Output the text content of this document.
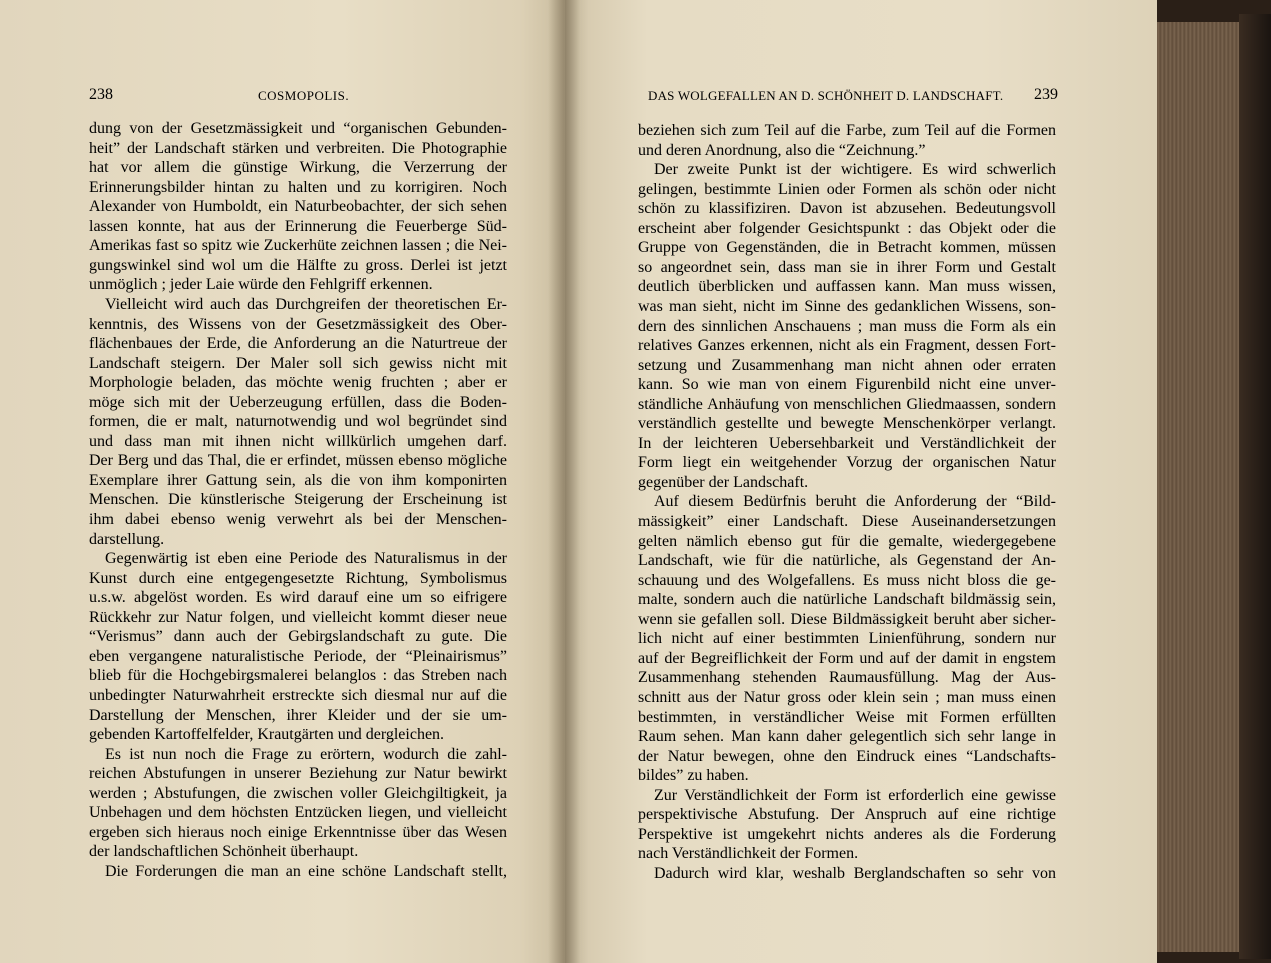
238	COSMOPOLIS.	DAS WOLGEFALLEN AN D. SCHÖNHEIT D. LANDSCHAFT. 239
dung von der Gesetzmässigkeit und “organischen Gebunden-
heit” der Landschaft stärken und verbreiten. Die Photographie
hat vor allem die günstige Wirkung, die Verzerrung der
Erinnerungsbilder hintan zu halten und zu korrigiren. Noch
Alexander von Humboldt, ein Naturbeobachter, der sich sehen
lassen konnte, hat aus der Erinnerung die Feuerberge Süd-
Amerikas fast so spitz wie Zuckerhüte zeichnen lassen ; die Nei-
gungswinkel sind wol um die Hälfte zu gross. Derlei ist jetzt
unmöglich ; jeder Laie würde den Fehlgriff erkennen.
Vielleicht wird auch das Durchgreifen der theoretischen Er-
kenntnis, des Wissens von der Gesetzmässigkeit des Ober-
flächenbaues der Erde, die Anforderung an die Naturtreue der
Landschaft steigern. Der Maler soll sich gewiss nicht mit
Morphologie beladen, das möchte wenig fruchten ; aber er
möge sich mit der Ueberzeugung erfüllen, dass die Boden-
formen, die er malt, naturnotwendig und wol begründet sind
und dass man mit ihnen nicht willkürlich umgehen darf.
Der Berg und das Thal, die er erfindet, müssen ebenso mögliche
Exemplare ihrer Gattung sein, als die von ihm komponirten
Menschen. Die künstlerische Steigerung der Erscheinung ist
ihm dabei ebenso wenig verwehrt als bei der Menschen-
darstellung.
Gegenwärtig ist eben eine Periode des Naturalismus in der
Kunst durch eine entgegengesetzte Richtung, Symbolismus
u.s.w. abgelöst worden. Es wird darauf eine um so eifrigere
Rückkehr zur Natur folgen, und vielleicht kommt dieser neue
“Verismus” dann auch der Gebirgslandschaft zu gute. Die
eben vergangene naturalistische Periode, der “Pleinairismus”
blieb für die Hochgebirgsmalerei belanglos : das Streben nach
unbedingter Naturwahrheit erstreckte sich diesmal nur auf die
Darstellung der Menschen, ihrer Kleider und der sie um-
gebenden Kartoffelfelder, Krautgärten und dergleichen.
Es ist nun noch die Frage zu erörtern, wodurch die zahl-
reichen Abstufungen in unserer Beziehung zur Natur bewirkt
werden ; Abstufungen, die zwischen voller Gleichgiltigkeit, ja
Unbehagen und dem höchsten Entzücken liegen, und vielleicht
ergeben sich hieraus noch einige Erkenntnisse über das Wesen
der landschaftlichen Schönheit überhaupt.
Die Forderungen die man an eine schöne Landschaft stellt,
beziehen sich zum Teil auf die Farbe, zum Teil auf die Formen
und deren Anordnung, also die “Zeichnung.”
Der zweite Punkt ist der wichtigere. Es wird schwerlich
gelingen, bestimmte Linien oder Formen als schön oder nicht
schön zu klassifiziren. Davon ist abzusehen. Bedeutungsvoll
erscheint aber folgender Gesichtspunkt : das Objekt oder die
Gruppe von Gegenständen, die in Betracht kommen, müssen
so angeordnet sein, dass man sie in ihrer Form und Gestalt
deutlich überblicken und auffassen kann. Man muss wissen,
was man sieht, nicht im Sinne des gedanklichen Wissens, son-
dern des sinnlichen Anschauens ; man muss die Form als ein
relatives Ganzes erkennen, nicht als ein Fragment, dessen Fort-
setzung und Zusammenhang man nicht ahnen oder erraten
kann. So wie man von einem Figurenbild nicht eine unver-
ständliche Anhäufung von menschlichen Gliedmaassen, sondern
verständlich gestellte und bewegte Menschenkörper verlangt.
In der leichteren Uebersehbarkeit und Verständlichkeit der
Form liegt ein weitgehender Vorzug der organischen Natur
gegenüber der Landschaft.
Auf diesem Bedürfnis beruht die Anforderung der “Bild-
mässigkeit” einer Landschaft. Diese Auseinandersetzungen
gelten nämlich ebenso gut für die gemalte, wiedergegebene
Landschaft, wie für die natürliche, als Gegenstand der An-
schauung und des Wolgefallens. Es muss nicht bloss die ge-
malte, sondern auch die natürliche Landschaft bildmässig sein,
wenn sie gefallen soll. Diese Bildmässigkeit beruht aber sicher-
lich nicht auf einer bestimmten Linienführung, sondern nur
auf der Begreiflichkeit der Form und auf der damit in engstem
Zusammenhang stehenden Raumausfüllung. Mag der Aus-
schnitt aus der Natur gross oder klein sein ; man muss einen
bestimmten, in verständlicher Weise mit Formen erfüllten
Raum sehen. Man kann daher gelegentlich sich sehr lange in
der Natur bewegen, ohne den Eindruck eines “Landschafts-
bildes” zu haben.
Zur Verständlichkeit der Form ist erforderlich eine gewisse
perspektivische Abstufung. Der Anspruch auf eine richtige
Perspektive ist umgekehrt nichts anderes als die Forderung
nach Verständlichkeit der Formen.
Dadurch wird klar, weshalb Berglandschaften so sehr von
